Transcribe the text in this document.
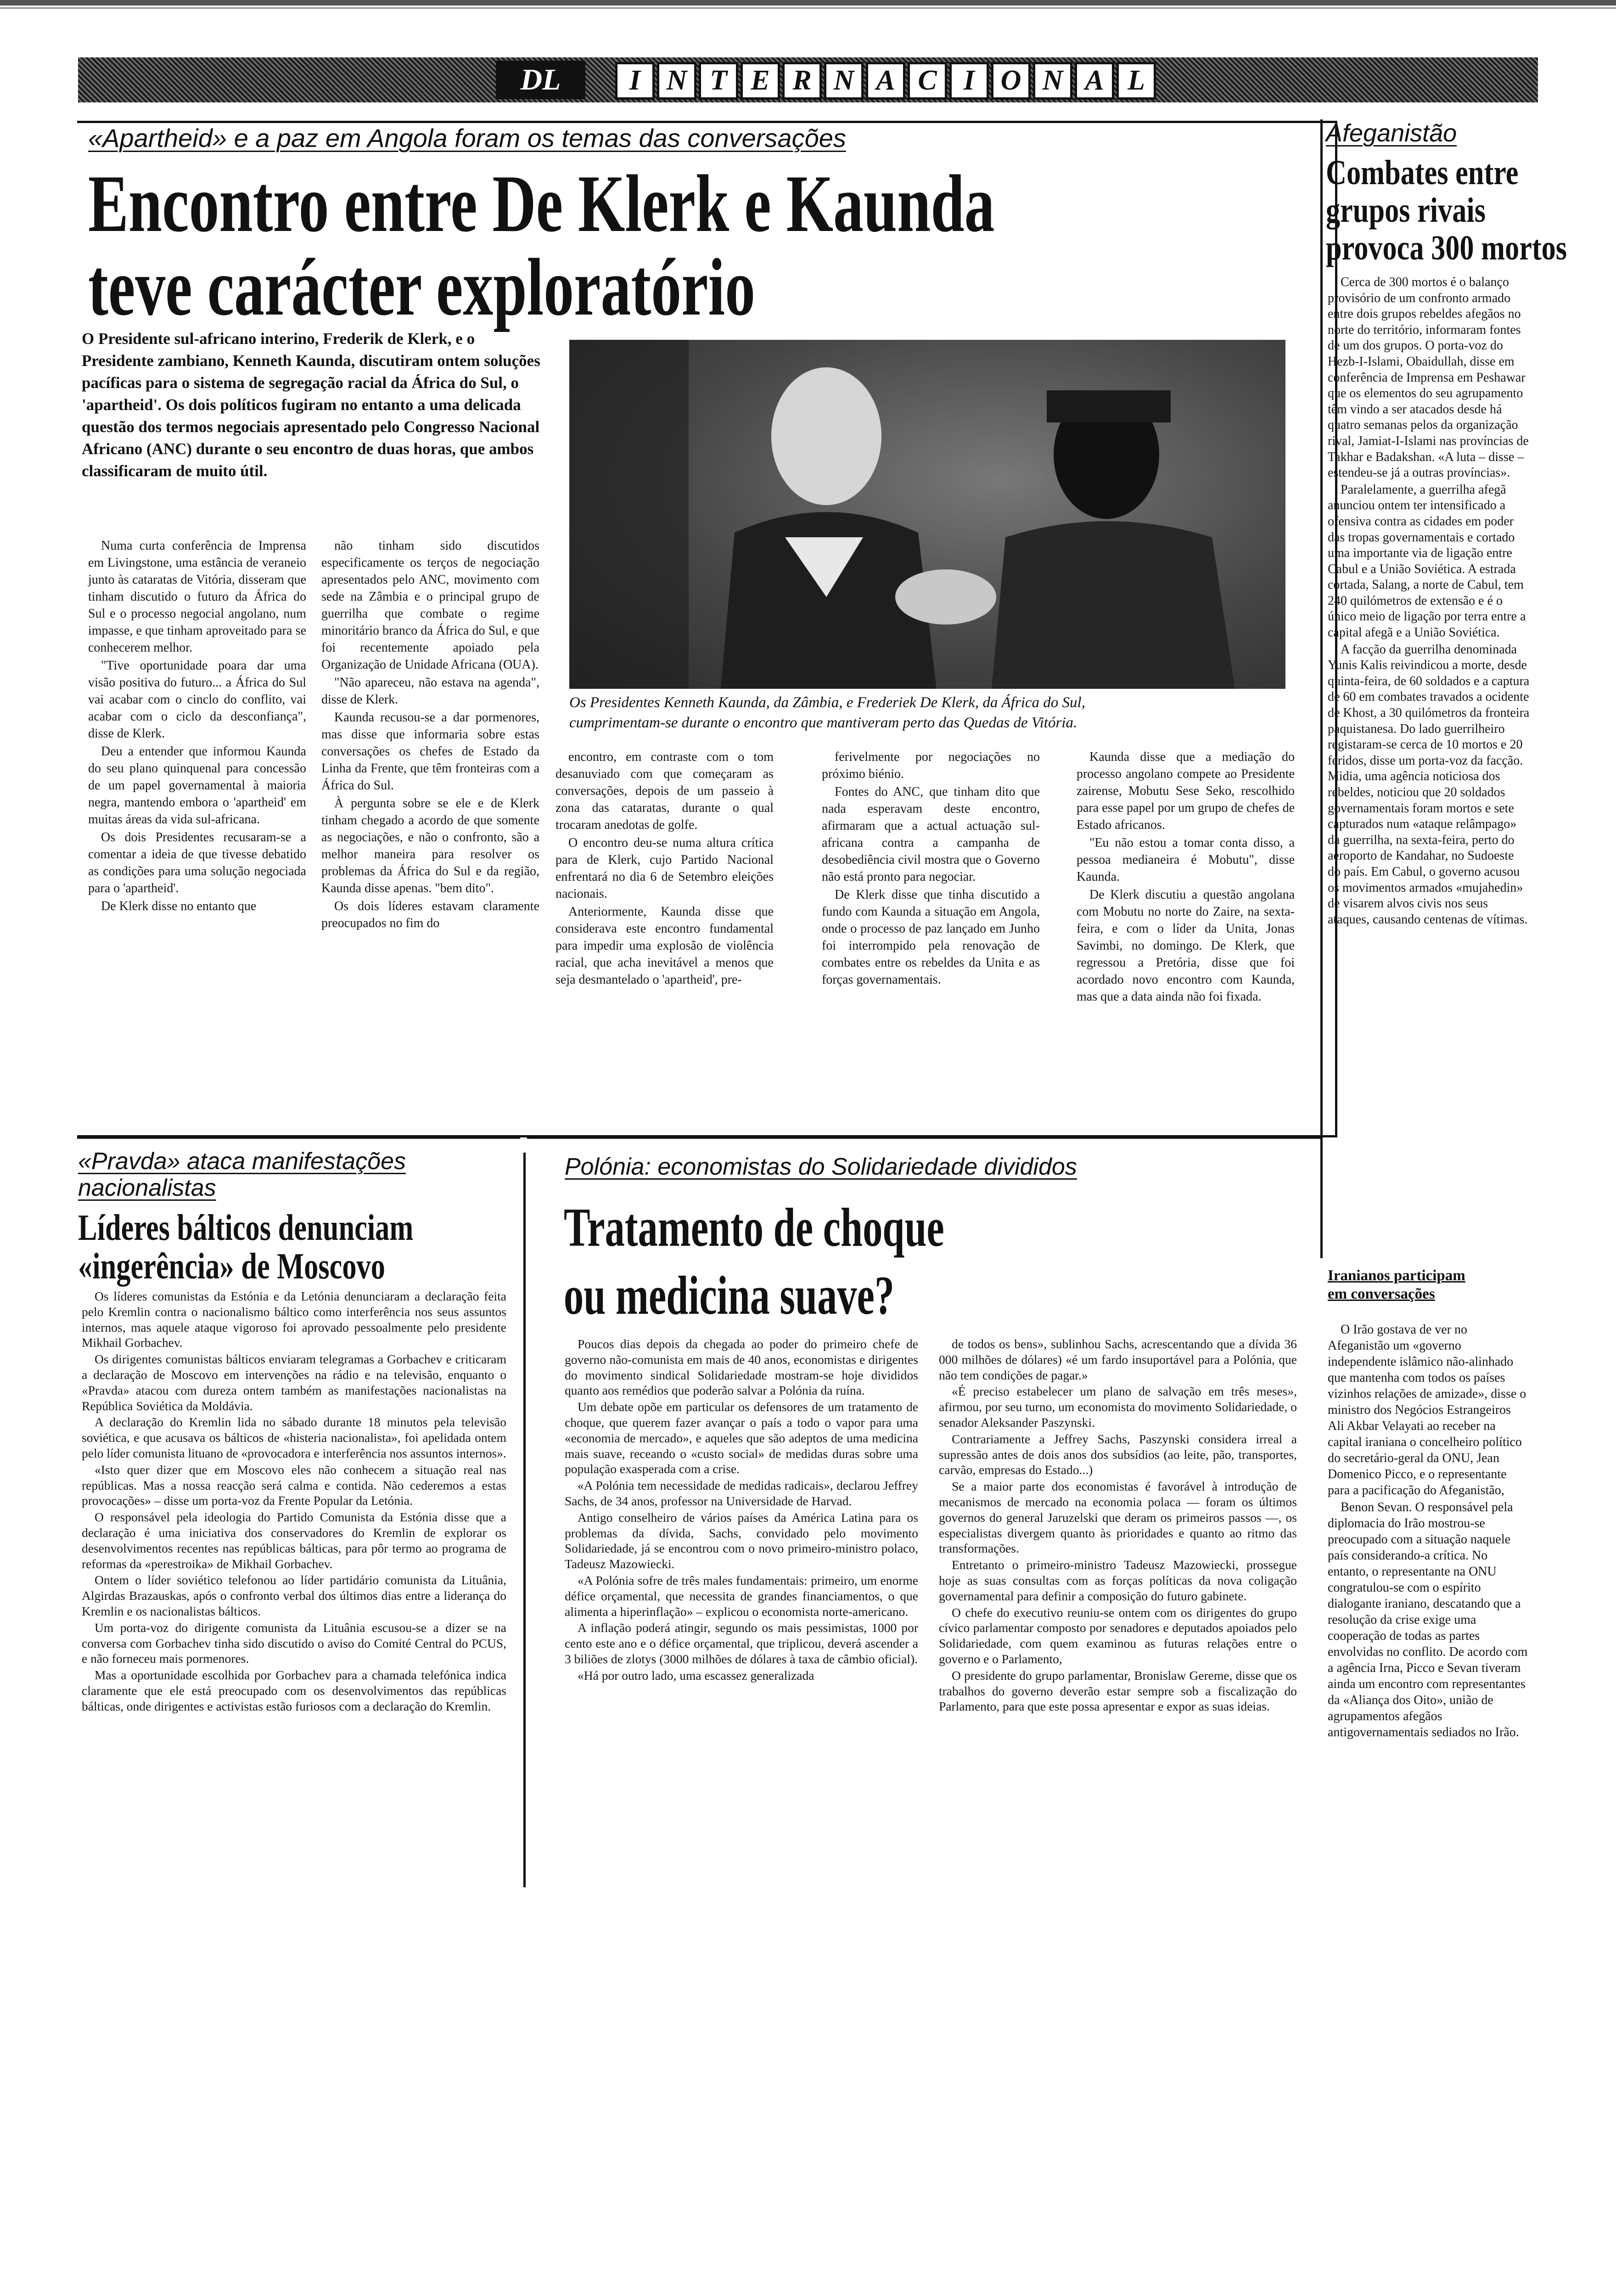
DL	I N T E R N A C I O N A L
«Apartheid» e a paz em Angola foram os temas das conversações
Encontro entre De Klerk e Kaunda
teve carácter exploratório
O Presidente sul-africano interino, Frederik de Klerk, e o Presidente zambiano, Kenneth Kaunda, discutiram ontem soluções pacíficas para o sistema de segregação racial da África do Sul, o 'apartheid'. Os dois políticos fugiram no entanto a uma delicada questão dos termos negociais apresentado pelo Congresso Nacional Africano (ANC) durante o seu encontro de duas horas, que ambos classificaram de muito útil.
Os Presidentes Kenneth Kaunda, da Zâmbia, e Frederiek De Klerk, da África do Sul,
cumprimentam-se durante o encontro que mantiveram perto das Quedas de Vitória.

Numa curta conferência de Imprensa em Livingstone, uma estância de veraneio junto às cataratas de Vitória, disseram que tinham discutido o futuro da África do Sul e o processo negocial angolano, num impasse, e que tinham aproveitado para se conhecerem melhor.

"Tive oportunidade poara dar uma visão positiva do futuro... a África do Sul vai acabar com o cinclo do conflito, vai acabar com o ciclo da desconfiança", disse de Klerk.

Deu a entender que informou Kaunda do seu plano quinquenal para concessão de um papel governamental à maioria negra, mantendo embora o 'apartheid' em muitas áreas da vida sul-africana.

Os dois Presidentes recusaram-se a comentar a ideia de que tivesse debatido as condições para uma solução negociada para o 'apartheid'.

De Klerk disse no entanto que

não tinham sido discutidos especificamente os terços de negociação apresentados pelo ANC, movimento com sede na Zâmbia e o principal grupo de guerrilha que combate o regime minoritário branco da África do Sul, e que foi recentemente apoiado pela Organização de Unidade Africana (OUA).

"Não apareceu, não estava na agenda", disse de Klerk.

Kaunda recusou-se a dar pormenores, mas disse que informaria sobre estas conversações os chefes de Estado da Linha da Frente, que têm fronteiras com a África do Sul.

À pergunta sobre se ele e de Klerk tinham chegado a acordo de que somente as negociações, e não o confronto, são a melhor maneira para resolver os problemas da África do Sul e da região, Kaunda disse apenas. "bem dito".

Os dois líderes estavam claramente preocupados no fim do

encontro, em contraste com o tom desanuviado com que começaram as conversações, depois de um passeio à zona das cataratas, durante o qual trocaram anedotas de golfe.

O encontro deu-se numa altura crítica para de Klerk, cujo Partido Nacional enfrentará no dia 6 de Setembro eleições nacionais.

Anteriormente, Kaunda disse que considerava este encontro fundamental para impedir uma explosão de violência racial, que acha inevitável a menos que seja desmantelado o 'apartheid', pre-

ferivelmente por negociações no próximo biénio.

Fontes do ANC, que tinham dito que nada esperavam deste encontro, afirmaram que a actual actuação sul-africana contra a campanha de desobediência civil mostra que o Governo não está pronto para negociar.

De Klerk disse que tinha discutido a fundo com Kaunda a situação em Angola, onde o processo de paz lançado em Junho foi interrompido pela renovação de combates entre os rebeldes da Unita e as forças governamentais.

Kaunda disse que a mediação do processo angolano compete ao Presidente zairense, Mobutu Sese Seko, rescolhido para esse papel por um grupo de chefes de Estado africanos.

"Eu não estou a tomar conta disso, a pessoa medianeira é Mobutu", disse Kaunda.

De Klerk discutiu a questão angolana com Mobutu no norte do Zaire, na sexta-feira, e com o líder da Unita, Jonas Savimbi, no domingo. De Klerk, que regressou a Pretória, disse que foi acordado novo encontro com Kaunda, mas que a data ainda não foi fixada.

Afeganistão
Combates entre
grupos rivais
provoca 300 mortos

Cerca de 300 mortos é o balanço provisório de um confronto armado entre dois grupos rebeldes afegãos no norte do território, informaram fontes de um dos grupos. O porta-voz do Hezb-I-Islami, Obaidullah, disse em conferência de Imprensa em Peshawar que os elementos do seu agrupamento têm vindo a ser atacados desde há quatro semanas pelos da organização rival, Jamiat-I-Islami nas províncias de Takhar e Badakshan. «A luta – disse – estendeu-se já a outras províncias».

Paralelamente, a guerrilha afegã anunciou ontem ter intensificado a ofensiva contra as cidades em poder das tropas governamentais e cortado uma importante via de ligação entre Cabul e a União Soviética. A estrada cortada, Salang, a norte de Cabul, tem 240 quilómetros de extensão e é o único meio de ligação por terra entre a capital afegã e a União Soviética.

A facção da guerrilha denominada Yunis Kalis reivindicou a morte, desde quinta-feira, de 60 soldados e a captura de 60 em combates travados a ocidente de Khost, a 30 quilómetros da fronteira paquistanesa. Do lado guerrilheiro registaram-se cerca de 10 mortos e 20 feridos, disse um porta-voz da facção. Midia, uma agência noticiosa dos rebeldes, noticiou que 20 soldados governamentais foram mortos e sete capturados num «ataque relâmpago» da guerrilha, na sexta-feira, perto do aeroporto de Kandahar, no Sudoeste do país. Em Cabul, o governo acusou os movimentos armados «mujahedin» de visarem alvos civis nos seus ataques, causando centenas de vítimas.

Iranianos participam
em conversações

O Irão gostava de ver no Afeganistão um «governo independente islâmico não-alinhado que mantenha com todos os países vizinhos relações de amizade», disse o ministro dos Negócios Estrangeiros Ali Akbar Velayati ao receber na capital iraniana o concelheiro político do secretário-geral da ONU, Jean Domenico Picco, e o representante para a pacificação do Afeganistão,

Benon Sevan. O responsável pela diplomacia do Irão mostrou-se preocupado com a situação naquele país considerando-a crítica. No entanto, o representante na ONU congratulou-se com o espírito dialogante iraniano, descatando que a resolução da crise exige uma cooperação de todas as partes envolvidas no conflito. De acordo com a agência Irna, Picco e Sevan tiveram ainda um encontro com representantes da «Aliança dos Oito», união de agrupamentos afegãos antigovernamentais sediados no Irão.

«Pravda» ataca manifestações
nacionalistas
Líderes bálticos denunciam
«ingerência» de Moscovo

Os líderes comunistas da Estónia e da Letónia denunciaram a declaração feita pelo Kremlin contra o nacionalismo báltico como interferência nos seus assuntos internos, mas aquele ataque vigoroso foi aprovado pessoalmente pelo presidente Mikhail Gorbachev.

Os dirigentes comunistas bálticos enviaram telegramas a Gorbachev e criticaram a declaração de Moscovo em intervenções na rádio e na televisão, enquanto o «Pravda» atacou com dureza ontem também as manifestações nacionalistas na República Soviética da Moldávia.

A declaração do Kremlin lida no sábado durante 18 minutos pela televisão soviética, e que acusava os bálticos de «histeria nacionalista», foi apelidada ontem pelo líder comunista lituano de «provocadora e interferência nos assuntos internos».

«Isto quer dizer que em Moscovo eles não conhecem a situação real nas repúblicas. Mas a nossa reacção será calma e contida. Não cederemos a estas provocações» – disse um porta-voz da Frente Popular da Letónia.

O responsável pela ideologia do Partido Comunista da Estónia disse que a declaração é uma iniciativa dos conservadores do Kremlin de explorar os desenvolvimentos recentes nas repúblicas bálticas, para pôr termo ao programa de reformas da «perestroika» de Mikhail Gorbachev.

Ontem o líder soviético telefonou ao líder partidário comunista da Lituânia, Algirdas Brazauskas, após o confronto verbal dos últimos dias entre a liderança do Kremlin e os nacionalistas bálticos.

Um porta-voz do dirigente comunista da Lituânia escusou-se a dizer se na conversa com Gorbachev tinha sido discutido o aviso do Comité Central do PCUS, e não forneceu mais pormenores.

Mas a oportunidade escolhida por Gorbachev para a chamada telefónica indica claramente que ele está preocupado com os desenvolvimentos das repúblicas bálticas, onde dirigentes e activistas estão furiosos com a declaração do Kremlin.

Polónia: economistas do Solidariedade divididos
Tratamento de choque
ou medicina suave?

Poucos dias depois da chegada ao poder do primeiro chefe de governo não-comunista em mais de 40 anos, economistas e dirigentes do movimento sindical Solidariedade mostram-se hoje divididos quanto aos remédios que poderão salvar a Polónia da ruína.

Um debate opõe em particular os defensores de um tratamento de choque, que querem fazer avançar o país a todo o vapor para uma «economia de mercado», e aqueles que são adeptos de uma medicina mais suave, receando o «custo social» de medidas duras sobre uma população exasperada com a crise.

«A Polónia tem necessidade de medidas radicais», declarou Jeffrey Sachs, de 34 anos, professor na Universidade de Harvad.

Antigo conselheiro de vários países da América Latina para os problemas da dívida, Sachs, convidado pelo movimento Solidariedade, já se encontrou com o novo primeiro-ministro polaco, Tadeusz Mazowiecki.

«A Polónia sofre de três males fundamentais: primeiro, um enorme défice orçamental, que necessita de grandes financiamentos, o que alimenta a hiperinflação» – explicou o economista norte-americano.

A inflação poderá atingir, segundo os mais pessimistas, 1000 por cento este ano e o défice orçamental, que triplicou, deverá ascender a 3 biliões de zlotys (3000 milhões de dólares à taxa de câmbio oficial).

«Há por outro lado, uma escassez generalizada

de todos os bens», sublinhou Sachs, acrescentando que a dívida 36 000 milhões de dólares) «é um fardo insuportável para a Polónia, que não tem condições de pagar.»

«É preciso estabelecer um plano de salvação em três meses», afirmou, por seu turno, um economista do movimento Solidariedade, o senador Aleksander Paszynski.

Contrariamente a Jeffrey Sachs, Paszynski considera irreal a supressão antes de dois anos dos subsídios (ao leite, pão, transportes, carvão, empresas do Estado...)

Se a maior parte dos economistas é favorável à introdução de mecanismos de mercado na economia polaca — foram os últimos governos do general Jaruzelski que deram os primeiros passos —, os especialistas divergem quanto às prioridades e quanto ao ritmo das transformações.

Entretanto o primeiro-ministro Tadeusz Mazowiecki, prossegue hoje as suas consultas com as forças políticas da nova coligação governamental para definir a composição do futuro gabinete.

O chefe do executivo reuniu-se ontem com os dirigentes do grupo cívico parlamentar composto por senadores e deputados apoiados pelo Solidariedade, com quem examinou as futuras relações entre o governo e o Parlamento,

O presidente do grupo parlamentar, Bronislaw Gereme, disse que os trabalhos do governo deverão estar sempre sob a fiscalização do Parlamento, para que este possa apresentar e expor as suas ideias.
